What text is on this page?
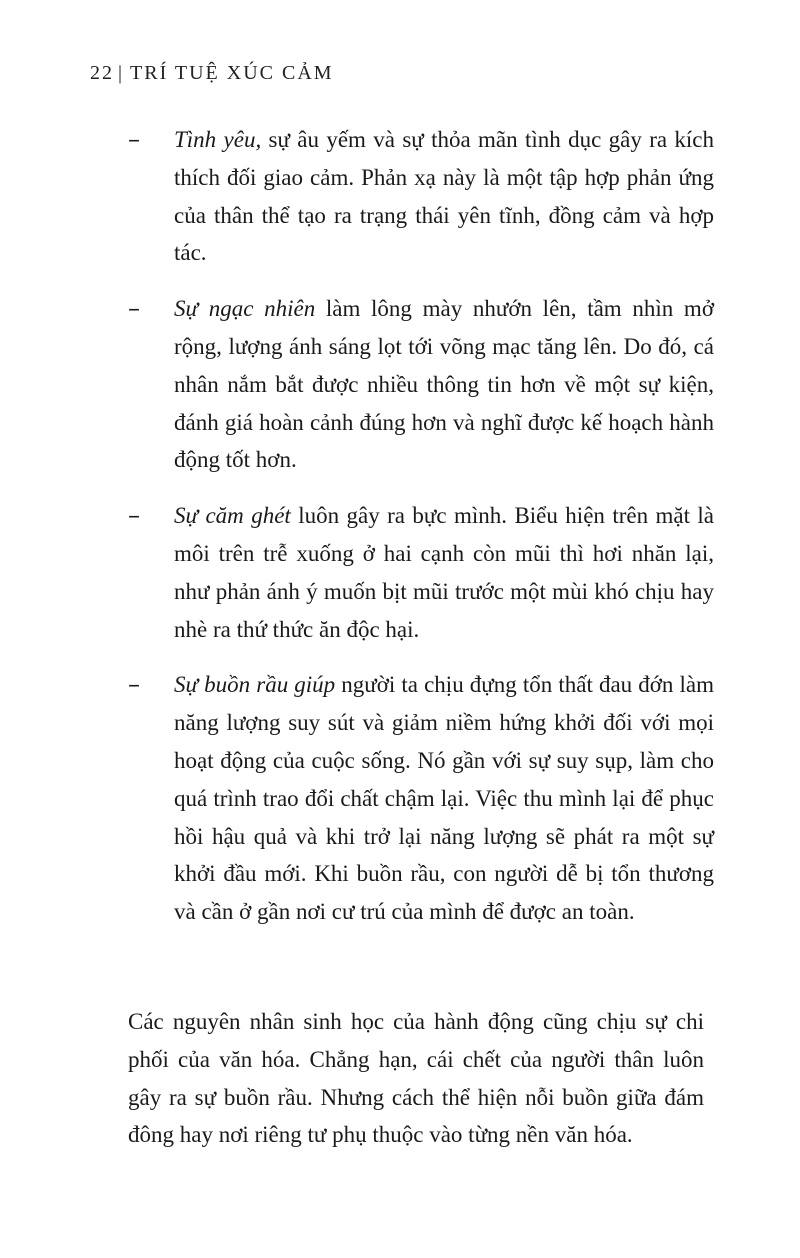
22 | TRÍ TUỆ XÚC CẢM
– Tình yêu, sự âu yếm và sự thỏa mãn tình dục gây ra kích thích đối giao cảm. Phản xạ này là một tập hợp phản ứng của thân thể tạo ra trạng thái yên tĩnh, đồng cảm và hợp tác.
– Sự ngạc nhiên làm lông mày nhướn lên, tầm nhìn mở rộng, lượng ánh sáng lọt tới võng mạc tăng lên. Do đó, cá nhân nắm bắt được nhiều thông tin hơn về một sự kiện, đánh giá hoàn cảnh đúng hơn và nghĩ được kế hoạch hành động tốt hơn.
– Sự căm ghét luôn gây ra bực mình. Biểu hiện trên mặt là môi trên trễ xuống ở hai cạnh còn mũi thì hơi nhăn lại, như phản ánh ý muốn bịt mũi trước một mùi khó chịu hay nhè ra thứ thức ăn độc hại.
– Sự buồn rầu giúp người ta chịu đựng tổn thất đau đớn làm năng lượng suy sút và giảm niềm hứng khởi đối với mọi hoạt động của cuộc sống. Nó gần với sự suy sụp, làm cho quá trình trao đổi chất chậm lại. Việc thu mình lại để phục hồi hậu quả và khi trở lại năng lượng sẽ phát ra một sự khởi đầu mới. Khi buồn rầu, con người dễ bị tổn thương và cần ở gần nơi cư trú của mình để được an toàn.

Các nguyên nhân sinh học của hành động cũng chịu sự chi phối của văn hóa. Chẳng hạn, cái chết của người thân luôn gây ra sự buồn rầu. Nhưng cách thể hiện nỗi buồn giữa đám đông hay nơi riêng tư phụ thuộc vào từng nền văn hóa.
